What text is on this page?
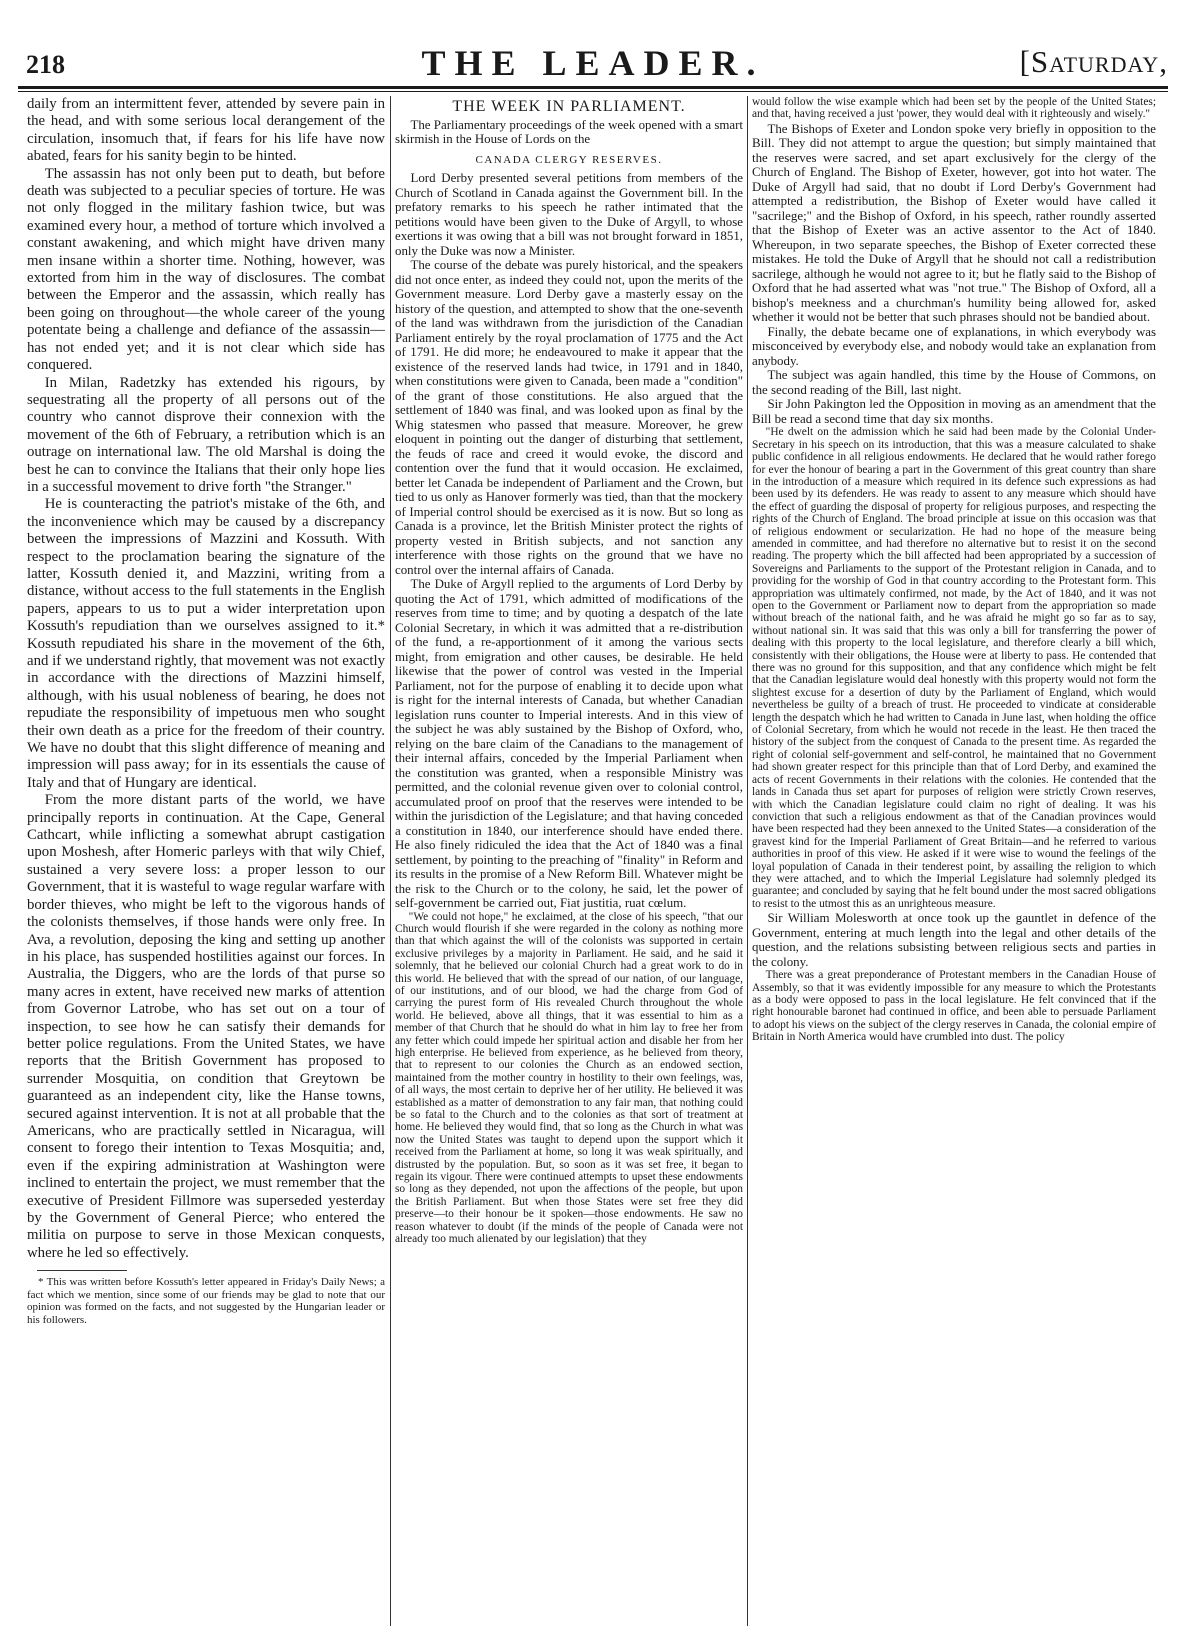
218	THE LEADER.	[Saturday,

daily from an intermittent fever, attended by severe pain in the head, and with some serious local derangement of the circulation, insomuch that, if fears for his life have now abated, fears for his sanity begin to be hinted.

The assassin has not only been put to death, but before death was subjected to a peculiar species of torture. He was not only flogged in the military fashion twice, but was examined every hour, a method of torture which involved a constant awakening, and which might have driven many men insane within a shorter time. Nothing, however, was extorted from him in the way of disclosures. The combat between the Emperor and the assassin, which really has been going on throughout—the whole career of the young potentate being a challenge and defiance of the assassin—has not ended yet; and it is not clear which side has conquered.

In Milan, Radetzky has extended his rigours, by sequestrating all the property of all persons out of the country who cannot disprove their connexion with the movement of the 6th of February, a retribution which is an outrage on international law. The old Marshal is doing the best he can to convince the Italians that their only hope lies in a successful movement to drive forth "the Stranger."

He is counteracting the patriot's mistake of the 6th, and the inconvenience which may be caused by a discrepancy between the impressions of Mazzini and Kossuth. With respect to the proclamation bearing the signature of the latter, Kossuth denied it, and Mazzini, writing from a distance, without access to the full statements in the English papers, appears to us to put a wider interpretation upon Kossuth's repudiation than we ourselves assigned to it.* Kossuth repudiated his share in the movement of the 6th, and if we understand rightly, that movement was not exactly in accordance with the directions of Mazzini himself, although, with his usual nobleness of bearing, he does not repudiate the responsibility of impetuous men who sought their own death as a price for the freedom of their country. We have no doubt that this slight difference of meaning and impression will pass away; for in its essentials the cause of Italy and that of Hungary are identical.

From the more distant parts of the world, we have principally reports in continuation. At the Cape, General Cathcart, while inflicting a somewhat abrupt castigation upon Moshesh, after Homeric parleys with that wily Chief, sustained a very severe loss: a proper lesson to our Government, that it is wasteful to wage regular warfare with border thieves, who might be left to the vigorous hands of the colonists themselves, if those hands were only free. In Ava, a revolution, deposing the king and setting up another in his place, has suspended hostilities against our forces. In Australia, the Diggers, who are the lords of that purse so many acres in extent, have received new marks of attention from Governor Latrobe, who has set out on a tour of inspection, to see how he can satisfy their demands for better police regulations. From the United States, we have reports that the British Government has proposed to surrender Mosquitia, on condition that Greytown be guaranteed as an independent city, like the Hanse towns, secured against intervention. It is not at all probable that the Americans, who are practically settled in Nicaragua, will consent to forego their intention to Texas Mosquitia; and, even if the expiring administration at Washington were inclined to entertain the project, we must remember that the executive of President Fillmore was superseded yesterday by the Government of General Pierce; who entered the militia on purpose to serve in those Mexican conquests, where he led so effectively.

* This was written before Kossuth's letter appeared in Friday's Daily News; a fact which we mention, since some of our friends may be glad to note that our opinion was formed on the facts, and not suggested by the Hungarian leader or his followers.

THE WEEK IN PARLIAMENT.

The Parliamentary proceedings of the week opened with a smart skirmish in the House of Lords on the

CANADA CLERGY RESERVES.

Lord Derby presented several petitions from members of the Church of Scotland in Canada against the Government bill. In the prefatory remarks to his speech he rather intimated that the petitions would have been given to the Duke of Argyll, to whose exertions it was owing that a bill was not brought forward in 1851, only the Duke was now a Minister.

The course of the debate was purely historical, and the speakers did not once enter, as indeed they could not, upon the merits of the Government measure. Lord Derby gave a masterly essay on the history of the question, and attempted to show that the one-seventh of the land was withdrawn from the jurisdiction of the Canadian Parliament entirely by the royal proclamation of 1775 and the Act of 1791. He did more; he endeavoured to make it appear that the existence of the reserved lands had twice, in 1791 and in 1840, when constitutions were given to Canada, been made a "condition" of the grant of those constitutions. He also argued that the settlement of 1840 was final, and was looked upon as final by the Whig statesmen who passed that measure. Moreover, he grew eloquent in pointing out the danger of disturbing that settlement, the feuds of race and creed it would evoke, the discord and contention over the fund that it would occasion. He exclaimed, better let Canada be independent of Parliament and the Crown, but tied to us only as Hanover formerly was tied, than that the mockery of Imperial control should be exercised as it is now. But so long as Canada is a province, let the British Minister protect the rights of property vested in British subjects, and not sanction any interference with those rights on the ground that we have no control over the internal affairs of Canada.

The Duke of Argyll replied to the arguments of Lord Derby by quoting the Act of 1791, which admitted of modifications of the reserves from time to time; and by quoting a despatch of the late Colonial Secretary, in which it was admitted that a re-distribution of the fund, a re-apportionment of it among the various sects might, from emigration and other causes, be desirable. He held likewise that the power of control was vested in the Imperial Parliament, not for the purpose of enabling it to decide upon what is right for the internal interests of Canada, but whether Canadian legislation runs counter to Imperial interests. And in this view of the subject he was ably sustained by the Bishop of Oxford, who, relying on the bare claim of the Canadians to the management of their internal affairs, conceded by the Imperial Parliament when the constitution was granted, when a responsible Ministry was permitted, and the colonial revenue given over to colonial control, accumulated proof on proof that the reserves were intended to be within the jurisdiction of the Legislature; and that having conceded a constitution in 1840, our interference should have ended there. He also finely ridiculed the idea that the Act of 1840 was a final settlement, by pointing to the preaching of "finality" in Reform and its results in the promise of a New Reform Bill. Whatever might be the risk to the Church or to the colony, he said, let the power of self-government be carried out, Fiat justitia, ruat cœlum.

"We could not hope," he exclaimed, at the close of his speech, "that our Church would flourish if she were regarded in the colony as nothing more than that which against the will of the colonists was supported in certain exclusive privileges by a majority in Parliament. He said, and he said it solemnly, that he believed our colonial Church had a great work to do in this world. He believed that with the spread of our nation, of our language, of our institutions, and of our blood, we had the charge from God of carrying the purest form of His revealed Church throughout the whole world. He believed, above all things, that it was essential to him as a member of that Church that he should do what in him lay to free her from any fetter which could impede her spiritual action and disable her from her high enterprise. He believed from experience, as he believed from theory, that to represent to our colonies the Church as an endowed section, maintained from the mother country in hostility to their own feelings, was, of all ways, the most certain to deprive her of her utility. He believed it was established as a matter of demonstration to any fair man, that nothing could be so fatal to the Church and to the colonies as that sort of treatment at home. He believed they would find, that so long as the Church in what was now the United States was taught to depend upon the support which it received from the Parliament at home, so long it was weak spiritually, and distrusted by the population. But, so soon as it was set free, it began to regain its vigour. There were continued attempts to upset these endowments so long as they depended, not upon the affections of the people, but upon the British Parliament. But when those States were set free they did preserve—to their honour be it spoken—those endowments. He saw no reason whatever to doubt (if the minds of the people of Canada were not already too much alienated by our legislation) that they

would follow the wise example which had been set by the people of the United States; and that, having received a just 'power, they would deal with it righteously and wisely."

The Bishops of Exeter and London spoke very briefly in opposition to the Bill. They did not attempt to argue the question; but simply maintained that the reserves were sacred, and set apart exclusively for the clergy of the Church of England. The Bishop of Exeter, however, got into hot water. The Duke of Argyll had said, that no doubt if Lord Derby's Government had attempted a redistribution, the Bishop of Exeter would have called it "sacrilege;" and the Bishop of Oxford, in his speech, rather roundly asserted that the Bishop of Exeter was an active assentor to the Act of 1840. Whereupon, in two separate speeches, the Bishop of Exeter corrected these mistakes. He told the Duke of Argyll that he should not call a redistribution sacrilege, although he would not agree to it; but he flatly said to the Bishop of Oxford that he had asserted what was "not true." The Bishop of Oxford, all a bishop's meekness and a churchman's humility being allowed for, asked whether it would not be better that such phrases should not be bandied about.

Finally, the debate became one of explanations, in which everybody was misconceived by everybody else, and nobody would take an explanation from anybody.

The subject was again handled, this time by the House of Commons, on the second reading of the Bill, last night.

Sir John Pakington led the Opposition in moving as an amendment that the Bill be read a second time that day six months.

"He dwelt on the admission which he said had been made by the Colonial Under-Secretary in his speech on its introduction, that this was a measure calculated to shake public confidence in all religious endowments. He declared that he would rather forego for ever the honour of bearing a part in the Government of this great country than share in the introduction of a measure which required in its defence such expressions as had been used by its defenders. He was ready to assent to any measure which should have the effect of guarding the disposal of property for religious purposes, and respecting the rights of the Church of England. The broad principle at issue on this occasion was that of religious endowment or secularization. He had no hope of the measure being amended in committee, and had therefore no alternative but to resist it on the second reading. The property which the bill affected had been appropriated by a succession of Sovereigns and Parliaments to the support of the Protestant religion in Canada, and to providing for the worship of God in that country according to the Protestant form. This appropriation was ultimately confirmed, not made, by the Act of 1840, and it was not open to the Government or Parliament now to depart from the appropriation so made without breach of the national faith, and he was afraid he might go so far as to say, without national sin. It was said that this was only a bill for transferring the power of dealing with this property to the local legislature, and therefore clearly a bill which, consistently with their obligations, the House were at liberty to pass. He contended that there was no ground for this supposition, and that any confidence which might be felt that the Canadian legislature would deal honestly with this property would not form the slightest excuse for a desertion of duty by the Parliament of England, which would nevertheless be guilty of a breach of trust. He proceeded to vindicate at considerable length the despatch which he had written to Canada in June last, when holding the office of Colonial Secretary, from which he would not recede in the least. He then traced the history of the subject from the conquest of Canada to the present time. As regarded the right of colonial self-government and self-control, he maintained that no Government had shown greater respect for this principle than that of Lord Derby, and examined the acts of recent Governments in their relations with the colonies. He contended that the lands in Canada thus set apart for purposes of religion were strictly Crown reserves, with which the Canadian legislature could claim no right of dealing. It was his conviction that such a religious endowment as that of the Canadian provinces would have been respected had they been annexed to the United States—a consideration of the gravest kind for the Imperial Parliament of Great Britain—and he referred to various authorities in proof of this view. He asked if it were wise to wound the feelings of the loyal population of Canada in their tenderest point, by assailing the religion to which they were attached, and to which the Imperial Legislature had solemnly pledged its guarantee; and concluded by saying that he felt bound under the most sacred obligations to resist to the utmost this as an unrighteous measure.

Sir William Molesworth at once took up the gauntlet in defence of the Government, entering at much length into the legal and other details of the question, and the relations subsisting between religious sects and parties in the colony.

There was a great preponderance of Protestant members in the Canadian House of Assembly, so that it was evidently impossible for any measure to which the Protestants as a body were opposed to pass in the local legislature. He felt convinced that if the right honourable baronet had continued in office, and been able to persuade Parliament to adopt his views on the subject of the clergy reserves in Canada, the colonial empire of Britain in North America would have crumbled into dust. The policy
